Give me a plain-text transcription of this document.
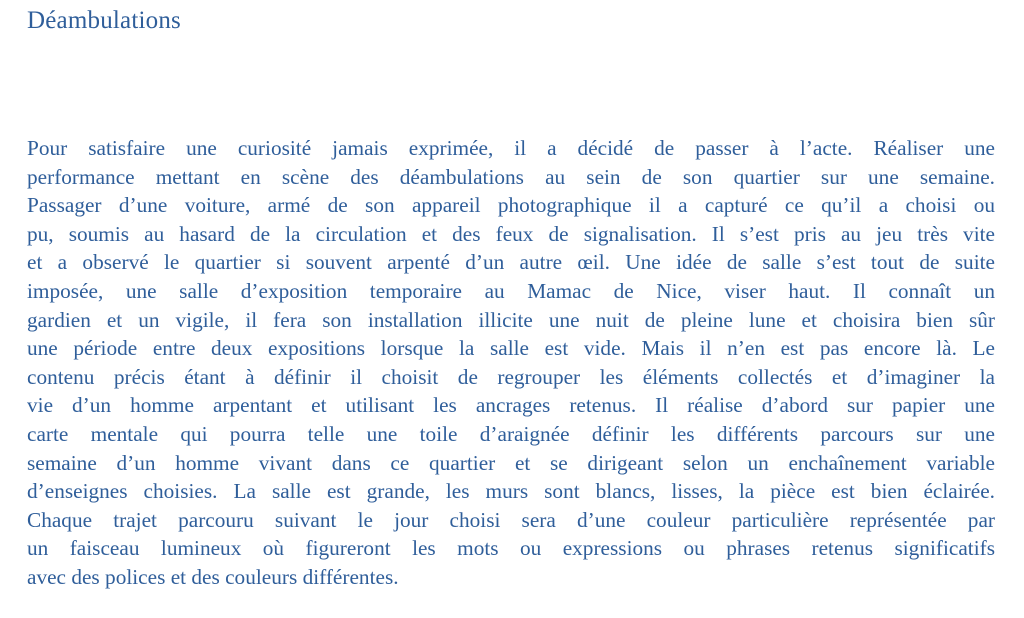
Déambulations
Pour satisfaire une curiosité jamais exprimée, il a décidé de passer à l’acte. Réaliser une
performance mettant en scène des déambulations au sein de son quartier sur une semaine.
Passager d’une voiture, armé de son appareil photographique il a capturé ce qu’il a choisi ou
pu, soumis au hasard de la circulation et des feux de signalisation. Il s’est pris au jeu très vite
et a observé le quartier si souvent arpenté d’un autre œil. Une idée de salle s’est tout de suite
imposée, une salle d’exposition temporaire au Mamac de Nice, viser haut. Il connaît un
gardien et un vigile, il fera son installation illicite une nuit de pleine lune et choisira bien sûr
une période entre deux expositions lorsque la salle est vide. Mais il n’en est pas encore là. Le
contenu précis étant à définir il choisit de regrouper les éléments collectés et d’imaginer la
vie d’un homme arpentant et utilisant les ancrages retenus. Il réalise d’abord sur papier une
carte mentale qui pourra telle une toile d’araignée définir les différents parcours sur une
semaine d’un homme vivant dans ce quartier et se dirigeant selon un enchaînement variable
d’enseignes choisies. La salle est grande, les murs sont blancs, lisses, la pièce est bien éclairée.
Chaque trajet parcouru suivant le jour choisi sera d’une couleur particulière représentée par
un faisceau lumineux où figureront les mots ou expressions ou phrases retenus significatifs
avec des polices et des couleurs différentes.
